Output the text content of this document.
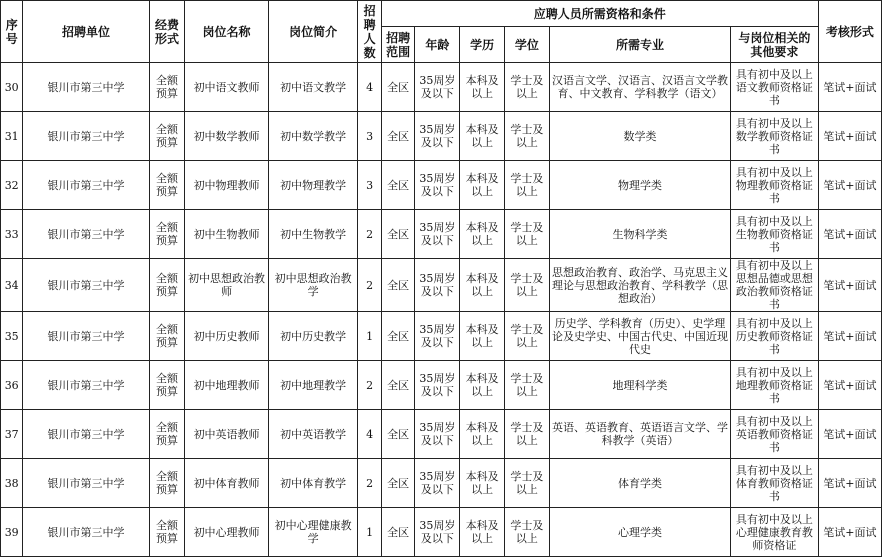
序号	招聘单位	经费形式	岗位名称	岗位简介	招聘人数	应聘人员所需资格和条件						考核形式
						招聘范围	年龄	学历	学位	所需专业	与岗位相关的其他要求	
30	银川市第三中学	全额预算	初中语文教师	初中语文教学	4	全区	35周岁及以下	本科及以上	学士及以上	汉语言文学、汉语言、汉语言文学教育、中文教育、学科教学（语文）	具有初中及以上语文教师资格证书	笔试+面试
31	银川市第三中学	全额预算	初中数学教师	初中数学教学	3	全区	35周岁及以下	本科及以上	学士及以上	数学类	具有初中及以上数学教师资格证书	笔试+面试
32	银川市第三中学	全额预算	初中物理教师	初中物理教学	3	全区	35周岁及以下	本科及以上	学士及以上	物理学类	具有初中及以上物理教师资格证书	笔试+面试
33	银川市第三中学	全额预算	初中生物教师	初中生物教学	2	全区	35周岁及以下	本科及以上	学士及以上	生物科学类	具有初中及以上生物教师资格证书	笔试+面试
34	银川市第三中学	全额预算	初中思想政治教师	初中思想政治教学	2	全区	35周岁及以下	本科及以上	学士及以上	思想政治教育、政治学、马克思主义理论与思想政治教育、学科教学（思想政治）	具有初中及以上思想品德或思想政治教师资格证书	笔试+面试
35	银川市第三中学	全额预算	初中历史教师	初中历史教学	1	全区	35周岁及以下	本科及以上	学士及以上	历史学、学科教育（历史）、史学理论及史学史、中国古代史、中国近现代史	具有初中及以上历史教师资格证书	笔试+面试
36	银川市第三中学	全额预算	初中地理教师	初中地理教学	2	全区	35周岁及以下	本科及以上	学士及以上	地理科学类	具有初中及以上地理教师资格证书	笔试+面试
37	银川市第三中学	全额预算	初中英语教师	初中英语教学	4	全区	35周岁及以下	本科及以上	学士及以上	英语、英语教育、英语语言文学、学科教学（英语）	具有初中及以上英语教师资格证书	笔试+面试
38	银川市第三中学	全额预算	初中体育教师	初中体育教学	2	全区	35周岁及以下	本科及以上	学士及以上	体育学类	具有初中及以上体育教师资格证书	笔试+面试
39	银川市第三中学	全额预算	初中心理教师	初中心理健康教学	1	全区	35周岁及以下	本科及以上	学士及以上	心理学类	具有初中及以上心理健康教育教师资格证	笔试+面试
